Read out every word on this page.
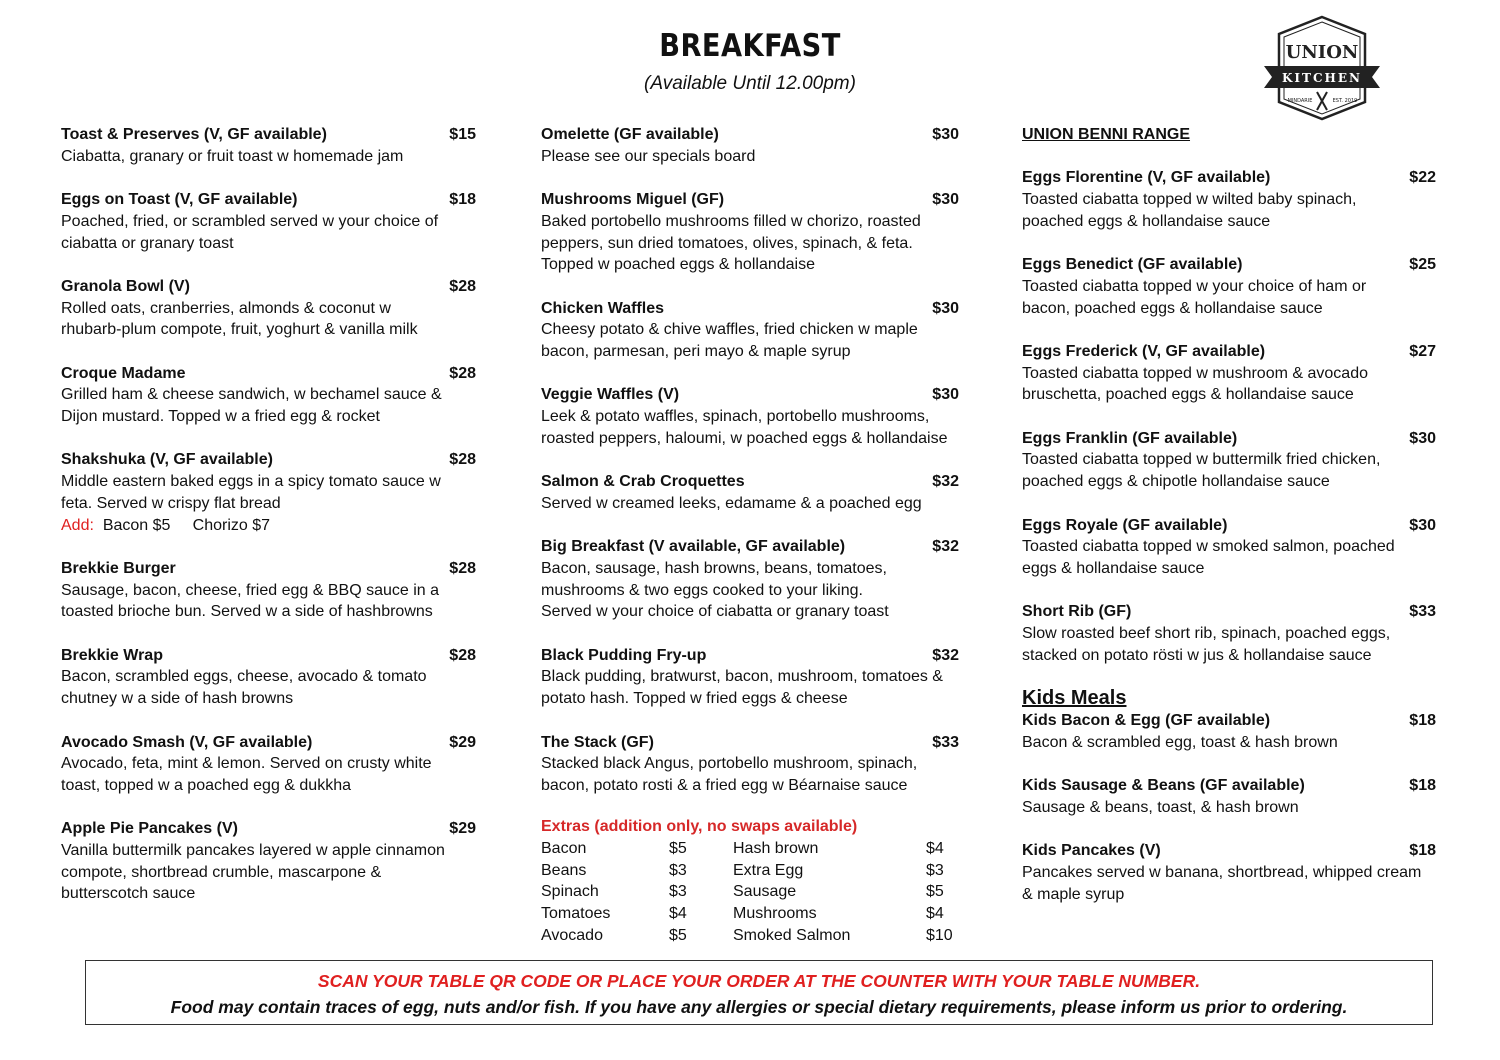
BREAKFAST
(Available Until 12.00pm)
UNION
KITCHEN
MINDARIE	EST. 2019
Toast & Preserves (V, GF available)	$15
Ciabatta, granary or fruit toast w homemade jam
Eggs on Toast (V, GF available)	$18
Poached, fried, or scrambled served w your choice of
ciabatta or granary toast
Granola Bowl (V)	$28
Rolled oats, cranberries, almonds & coconut w
rhubarb-plum compote, fruit, yoghurt & vanilla milk
Croque Madame	$28
Grilled ham & cheese sandwich, w bechamel sauce &
Dijon mustard. Topped w a fried egg & rocket
Shakshuka (V, GF available)	$28
Middle eastern baked eggs in a spicy tomato sauce w
feta. Served w crispy flat bread
Add:  Bacon $5     Chorizo $7
Brekkie Burger	$28
Sausage, bacon, cheese, fried egg & BBQ sauce in a
toasted brioche bun. Served w a side of hashbrowns
Brekkie Wrap	$28
Bacon, scrambled eggs, cheese, avocado & tomato
chutney w a side of hash browns
Avocado Smash (V, GF available)	$29
Avocado, feta, mint & lemon. Served on crusty white
toast, topped w a poached egg & dukkha
Apple Pie Pancakes (V)	$29
Vanilla buttermilk pancakes layered w apple cinnamon
compote, shortbread crumble, mascarpone &
butterscotch sauce
Omelette (GF available)	$30
Please see our specials board
Mushrooms Miguel (GF)	$30
Baked portobello mushrooms filled w chorizo, roasted
peppers, sun dried tomatoes, olives, spinach, & feta.
Topped w poached eggs & hollandaise
Chicken Waffles	$30
Cheesy potato & chive waffles, fried chicken w maple
bacon, parmesan, peri mayo & maple syrup
Veggie Waffles (V)	$30
Leek & potato waffles, spinach, portobello mushrooms,
roasted peppers, haloumi, w poached eggs & hollandaise
Salmon & Crab Croquettes	$32
Served w creamed leeks, edamame & a poached egg
Big Breakfast (V available, GF available)	$32
Bacon, sausage, hash browns, beans, tomatoes,
mushrooms & two eggs cooked to your liking.
Served w your choice of ciabatta or granary toast
Black Pudding Fry-up	$32
Black pudding, bratwurst, bacon, mushroom, tomatoes &
potato hash. Topped w fried eggs & cheese
The Stack (GF)	$33
Stacked black Angus, portobello mushroom, spinach,
bacon, potato rosti & a fried egg w Béarnaise sauce
Extras (addition only, no swaps available)
Bacon	$5	Hash brown	$4
Beans	$3	Extra Egg	$3
Spinach	$3	Sausage	$5
Tomatoes	$4	Mushrooms	$4
Avocado	$5	Smoked Salmon	$10
UNION BENNI RANGE
Eggs Florentine (V, GF available)	$22
Toasted ciabatta topped w wilted baby spinach,
poached eggs & hollandaise sauce
Eggs Benedict (GF available)	$25
Toasted ciabatta topped w your choice of ham or
bacon, poached eggs & hollandaise sauce
Eggs Frederick (V, GF available)	$27
Toasted ciabatta topped w mushroom & avocado
bruschetta, poached eggs & hollandaise sauce
Eggs Franklin (GF available)	$30
Toasted ciabatta topped w buttermilk fried chicken,
poached eggs & chipotle hollandaise sauce
Eggs Royale (GF available)	$30
Toasted ciabatta topped w smoked salmon, poached
eggs & hollandaise sauce
Short Rib (GF)	$33
Slow roasted beef short rib, spinach, poached eggs,
stacked on potato rösti w jus & hollandaise sauce
Kids Meals
Kids Bacon & Egg (GF available)	$18
Bacon & scrambled egg, toast & hash brown
Kids Sausage & Beans (GF available)	$18
Sausage & beans, toast, & hash brown
Kids Pancakes (V)	$18
Pancakes served w banana, shortbread, whipped cream
& maple syrup
SCAN YOUR TABLE QR CODE OR PLACE YOUR ORDER AT THE COUNTER WITH YOUR TABLE NUMBER.
Food may contain traces of egg, nuts and/or fish. If you have any allergies or special dietary requirements, please inform us prior to ordering.
